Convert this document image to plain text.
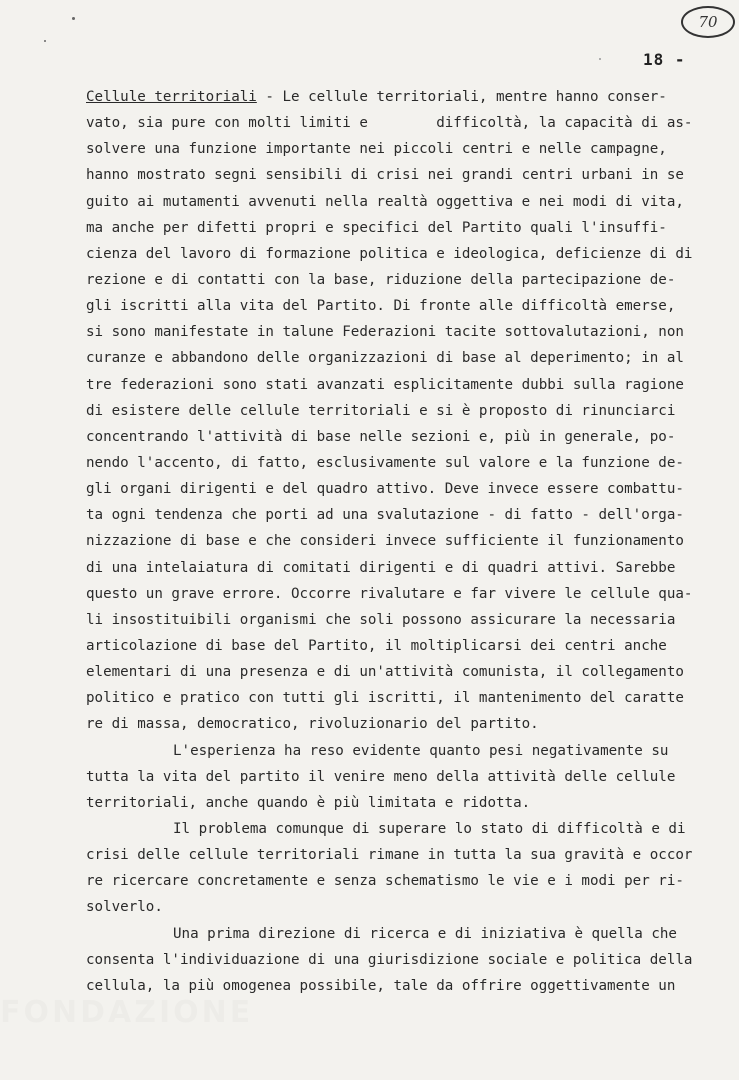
70
18 -
Cellule territoriali - Le cellule territoriali, mentre hanno conser-
vato, sia pure con molti limiti e        difficoltà, la capacità di as-
solvere una funzione importante nei piccoli centri e nelle campagne,
hanno mostrato segni sensibili di crisi nei grandi centri urbani in se
guito ai mutamenti avvenuti nella realtà oggettiva e nei modi di vita,
ma anche per difetti propri e specifici del Partito quali l'insuffi-
cienza del lavoro di formazione politica e ideologica, deficienze di di
rezione e di contatti con la base, riduzione della partecipazione de-
gli iscritti alla vita del Partito. Di fronte alle difficoltà emerse,
si sono manifestate in talune Federazioni tacite sottovalutazioni, non
curanze e abbandono delle organizzazioni di base al deperimento; in al
tre federazioni sono stati avanzati esplicitamente dubbi sulla ragione
di esistere delle cellule territoriali e si è proposto di rinunciarci
concentrando l'attività di base nelle sezioni e, più in generale, po-
nendo l'accento, di fatto, esclusivamente sul valore e la funzione de-
gli organi dirigenti e del quadro attivo. Deve invece essere combattu-
ta ogni tendenza che porti ad una svalutazione - di fatto - dell'orga-
nizzazione di base e che consideri invece sufficiente il funzionamento
di una intelaiatura di comitati dirigenti e di quadri attivi. Sarebbe
questo un grave errore. Occorre rivalutare e far vivere le cellule qua-
li insostituibili organismi che soli possono assicurare la necessaria
articolazione di base del Partito, il moltiplicarsi dei centri anche
elementari di una presenza e di un'attività comunista, il collegamento
politico e pratico con tutti gli iscritti, il mantenimento del caratte
re di massa, democratico, rivoluzionario del partito.
L'esperienza ha reso evidente quanto pesi negativamente su
tutta la vita del partito il venire meno della attività delle cellule
territoriali, anche quando è più limitata e ridotta.
Il problema comunque di superare lo stato di difficoltà e di
crisi delle cellule territoriali rimane in tutta la sua gravità e occor
re ricercare concretamente e senza schematismo le vie e i modi per ri-
solverlo.
Una prima direzione di ricerca e di iniziativa è quella che
consenta l'individuazione di una giurisdizione sociale e politica della
cellula, la più omogenea possibile, tale da offrire oggettivamente un
